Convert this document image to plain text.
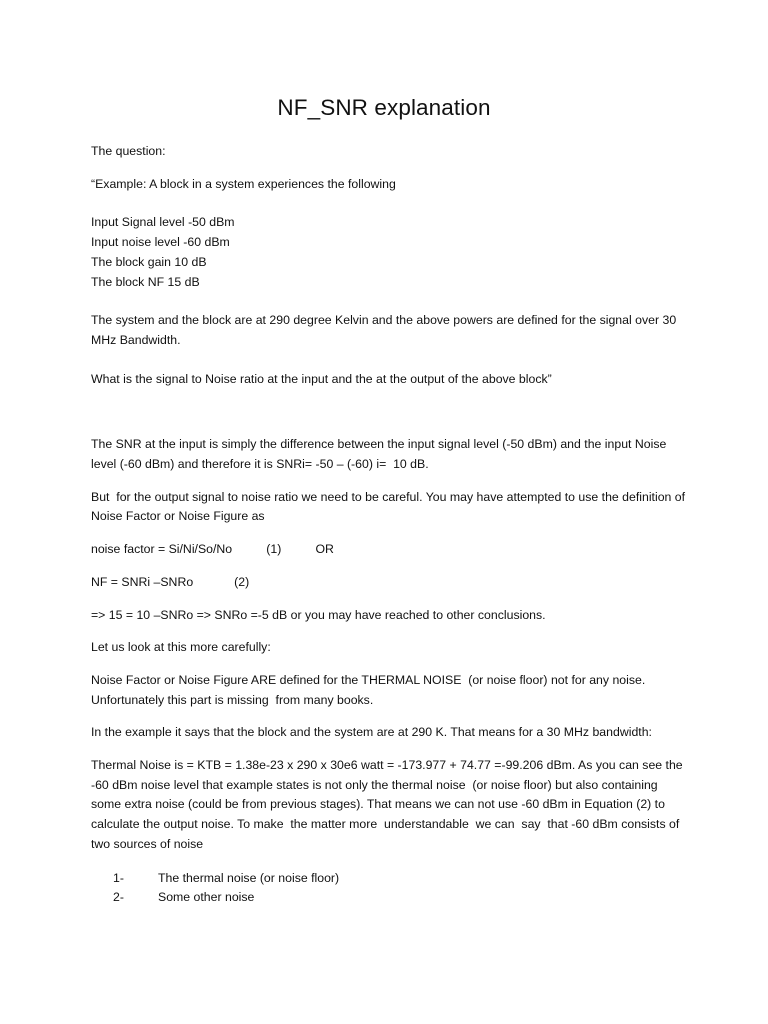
NF_SNR explanation

The question:

“Example: A block in a system experiences the following

Input Signal level -50 dBm

Input noise level -60 dBm

The block gain 10 dB

The block NF 15 dB

The system and the block are at 290 degree Kelvin and the above powers are defined for the signal over 30 MHz Bandwidth.

What is the signal to Noise ratio at the input and the at the output of the above block”

The SNR at the input is simply the difference between the input signal level (-50 dBm) and the input Noise level (-60 dBm) and therefore it is SNRi= -50 – (-60) i=  10 dB.

But  for the output signal to noise ratio we need to be careful. You may have attempted to use the definition of Noise Factor or Noise Figure as

noise factor = Si/Ni/So/No          (1)          OR

NF = SNRi –SNRo            (2)

=> 15 = 10 –SNRo => SNRo =-5 dB or you may have reached to other conclusions.

Let us look at this more carefully:

Noise Factor or Noise Figure ARE defined for the THERMAL NOISE  (or noise floor) not for any noise. Unfortunately this part is missing  from many books.

In the example it says that the block and the system are at 290 K. That means for a 30 MHz bandwidth:

Thermal Noise is = KTB = 1.38e-23 x 290 x 30e6 watt = -173.977 + 74.77 =-99.206 dBm. As you can see the -60 dBm noise level that example states is not only the thermal noise  (or noise floor) but also containing  some extra noise (could be from previous stages). That means we can not use -60 dBm in Equation (2) to calculate the output noise. To make  the matter more  understandable  we can  say  that -60 dBm consists of two sources of noise

1-	The thermal noise (or noise floor)
2-	Some other noise
